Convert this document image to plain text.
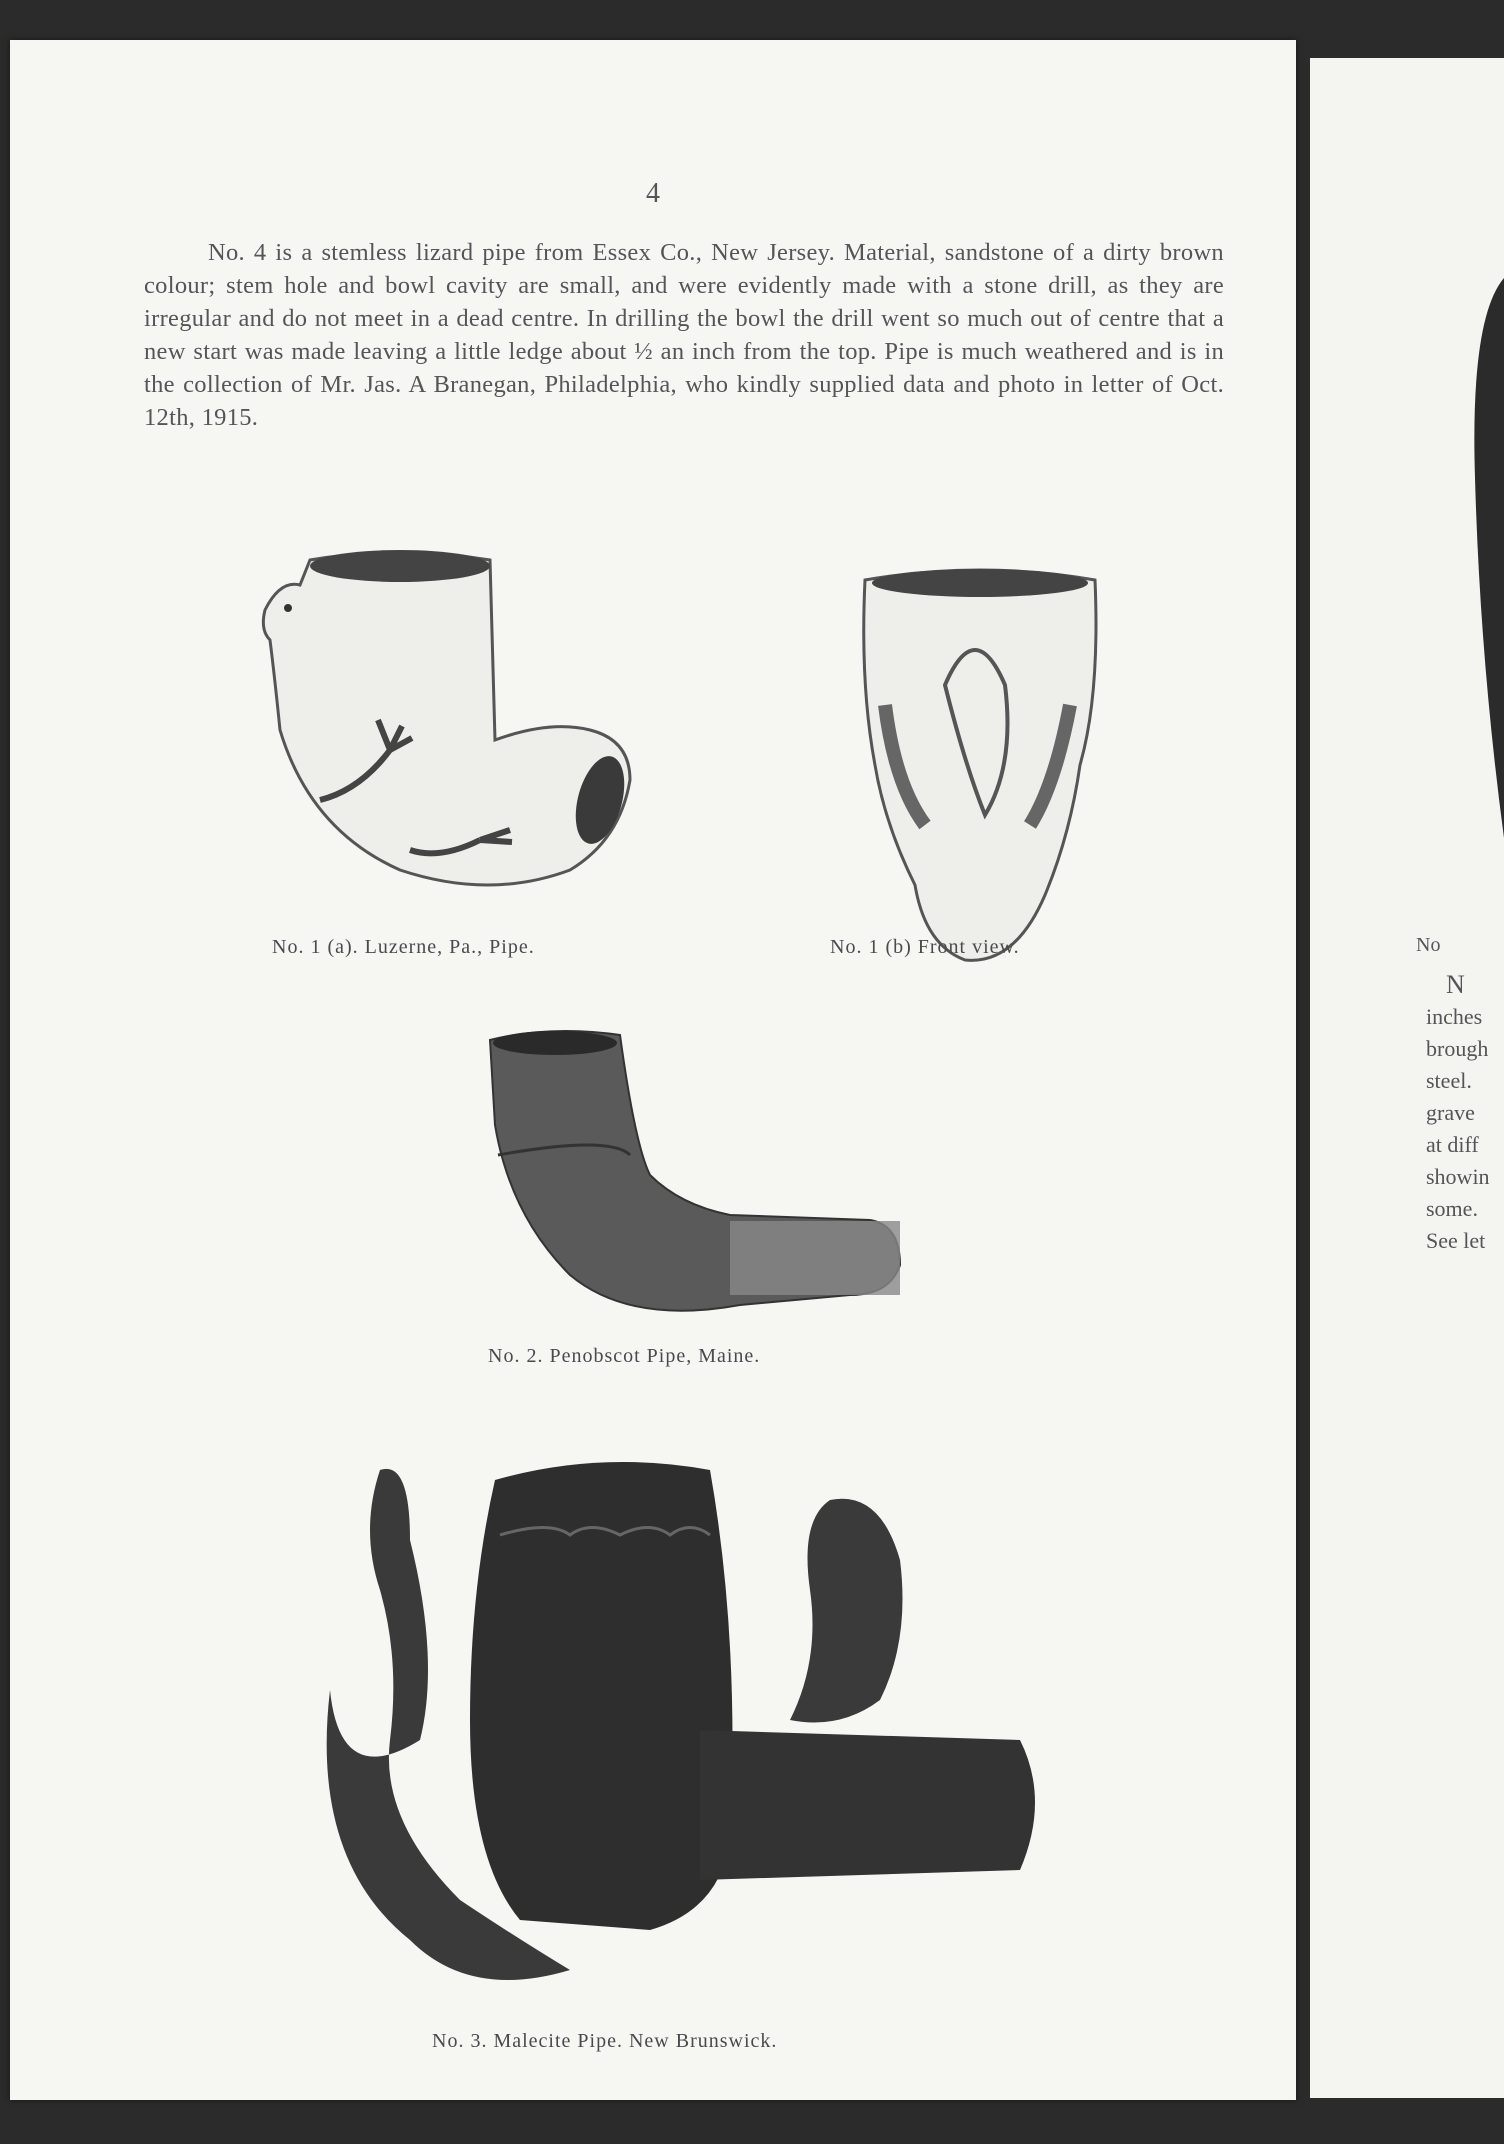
4
No. 4 is a stemless lizard pipe from Essex Co., New Jersey. Material, sandstone of a dirty brown colour; stem hole and bowl cavity are small, and were evidently made with a stone drill, as they are irregular and do not meet in a dead centre. In drilling the bowl the drill went so much out of centre that a new start was made leaving a little ledge about ½ an inch from the top. Pipe is much weathered and is in the collection of Mr. Jas. A Branegan, Philadelphia, who kindly supplied data and photo in letter of Oct. 12th, 1915.
No. 1 (a). Luzerne, Pa., Pipe.	No. 1 (b) Front view.
No. 2. Penobscot Pipe, Maine.
No. 3. Malecite Pipe. New Brunswick.
No
N
inches
brough
steel.
grave
at diff
showin
some.
See let
